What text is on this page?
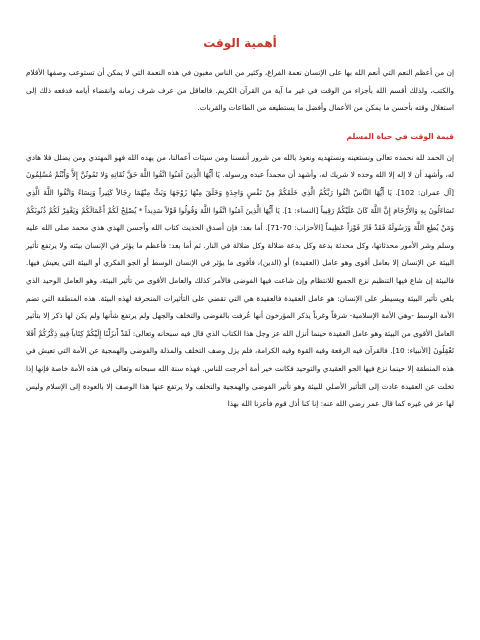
أهمية الوقت

إن من أعظم النعم التي أنعم الله بها على الإنسان نعمة الفراغ، وكثير من الناس مغبون في هذه النعمة التي لا يمكن أن تستوعب وصفها الأقلام والكتب، ولذلك أقسم الله بأجزاء من الوقت في غير ما آية من القرآن الكريم. فالعاقل من عرف شرف زمانه وانقضاء أيامه فدفعه ذلك إلى استغلال وقته بأحسن ما يمكن من الأعمال وأفضل ما يستطيعه من الطاعات والقربات.

قيمة الوقت في حياة المسلم

إن الحمد لله نحمده تعالى ونستعينه ونستهديه ونعوذ بالله من شرور أنفسنا ومن سيئات أعمالنا، من يهده الله فهو المهتدي ومن يضلل فلا هادي له، وأشهد أن لا إله إلا الله وحده لا شريك له، وأشهد أن محمداً عبده ورسوله. يَا أَيُّهَا الَّذِينَ آمَنُوا اتَّقُوا اللَّهَ حَقَّ تُقَاتِهِ وَلا تَمُوتُنَّ إِلاَّ وَأَنْتُمْ مُسْلِمُونَ [آل عمران: 102]. يَا أَيُّهَا النَّاسُ اتَّقُوا رَبَّكُمُ الَّذِي خَلَقَكُمْ مِنْ نَفْسٍ وَاحِدَةٍ وَخَلَقَ مِنْهَا زَوْجَهَا وَبَثَّ مِنْهُمَا رِجَالاً كَثِيراً وَنِسَاءً وَاتَّقُوا اللَّهَ الَّذِي تَسَاءَلُونَ بِهِ وَالأَرْحَامَ إِنَّ اللَّهَ كَانَ عَلَيْكُمْ رَقِيباً [النساء: 1]. يَا أَيُّهَا الَّذِينَ آمَنُوا اتَّقُوا اللَّهَ وَقُولُوا قَوْلاً سَدِيداً * يُصْلِحْ لَكُمْ أَعْمَالَكُمْ وَيَغْفِرْ لَكُمْ ذُنُوبَكُمْ وَمَنْ يُطِعِ اللَّهَ وَرَسُولَهُ فَقَدْ فَازَ فَوْزاً عَظِيماً [الأحزاب: 70-71]. أما بعد: فإن أصدق الحديث كتاب الله وأحسن الهدي هدي محمد صلى الله عليه وسلم وشر الأمور محدثاتها، وكل محدثة بدعة وكل بدعة ضلالة وكل ضلالة في النار. ثم أما بعد: فأعظم ما يؤثر في الإنسان بيئته ولا يرتفع تأثير البيئة عن الإنسان إلا بعامل أقوى وهو عامل (العقيدة) أو (الدين)، فأقوى ما يؤثر في الإنسان الوسط أو الجو الفكري أو البيئة التي يعيش فيها. فالبيئة إن شاع فيها التنظيم نزع الجميع للانتظام وإن شاعت فيها الفوضى فالأمر كذلك والعامل الأقوى من تأثير البيئة، وهو العامل الوحيد الذي يلغي تأثير البيئة ويسيطر على الإنسان: هو عامل العقيدة فالعقيدة هي التي تقضي على التأثيرات المنحرفة لهذه البيئة. هذه المنطقة التي تضم الأمة الوسط -وهي الأمة الإسلامية- شرقاً وغرباً يذكر المؤرخون أنها عُرفت بالفوضى والتخلف والجهل ولم يرتفع شأنها ولم يكن لها ذكر إلا بتأثير العامل الأقوى من البيئة وهو عامل العقيدة حينما أنزل الله عز وجل هذا الكتاب الذي قال فيه سبحانه وتعالى: لَقَدْ أَنزَلْنَا إِلَيْكُمْ كِتَاباً فِيهِ ذِكْرُكُمْ أَفَلا تَعْقِلُونَ [الأنبياء: 10]. فالقرآن فيه الرفعة وفيه القوة وفيه الكرامة، فلم يزل وصف التخلف والمذلة والفوضى والهمجية عن الأمة التي تعيش في هذه المنطقة إلا حينما نزع فيها الجو العقيدي والتوحيد فكانت خير أمة أخرجت للناس. فهذه سنة الله سبحانه وتعالى في هذه الأمة خاصة فإنها إذا تخلت عن العقيدة عادت إلى التأثير الأصلي للبيئة وهو تأثير الفوضى والهمجية والتخلف ولا يرتفع عنها هذا الوصف إلا بالعودة إلى الإسلام وليس لها عز في غيره كما قال عمر رضي الله عنه: إنا كنا أذل قوم فأعزنا الله بهذا
